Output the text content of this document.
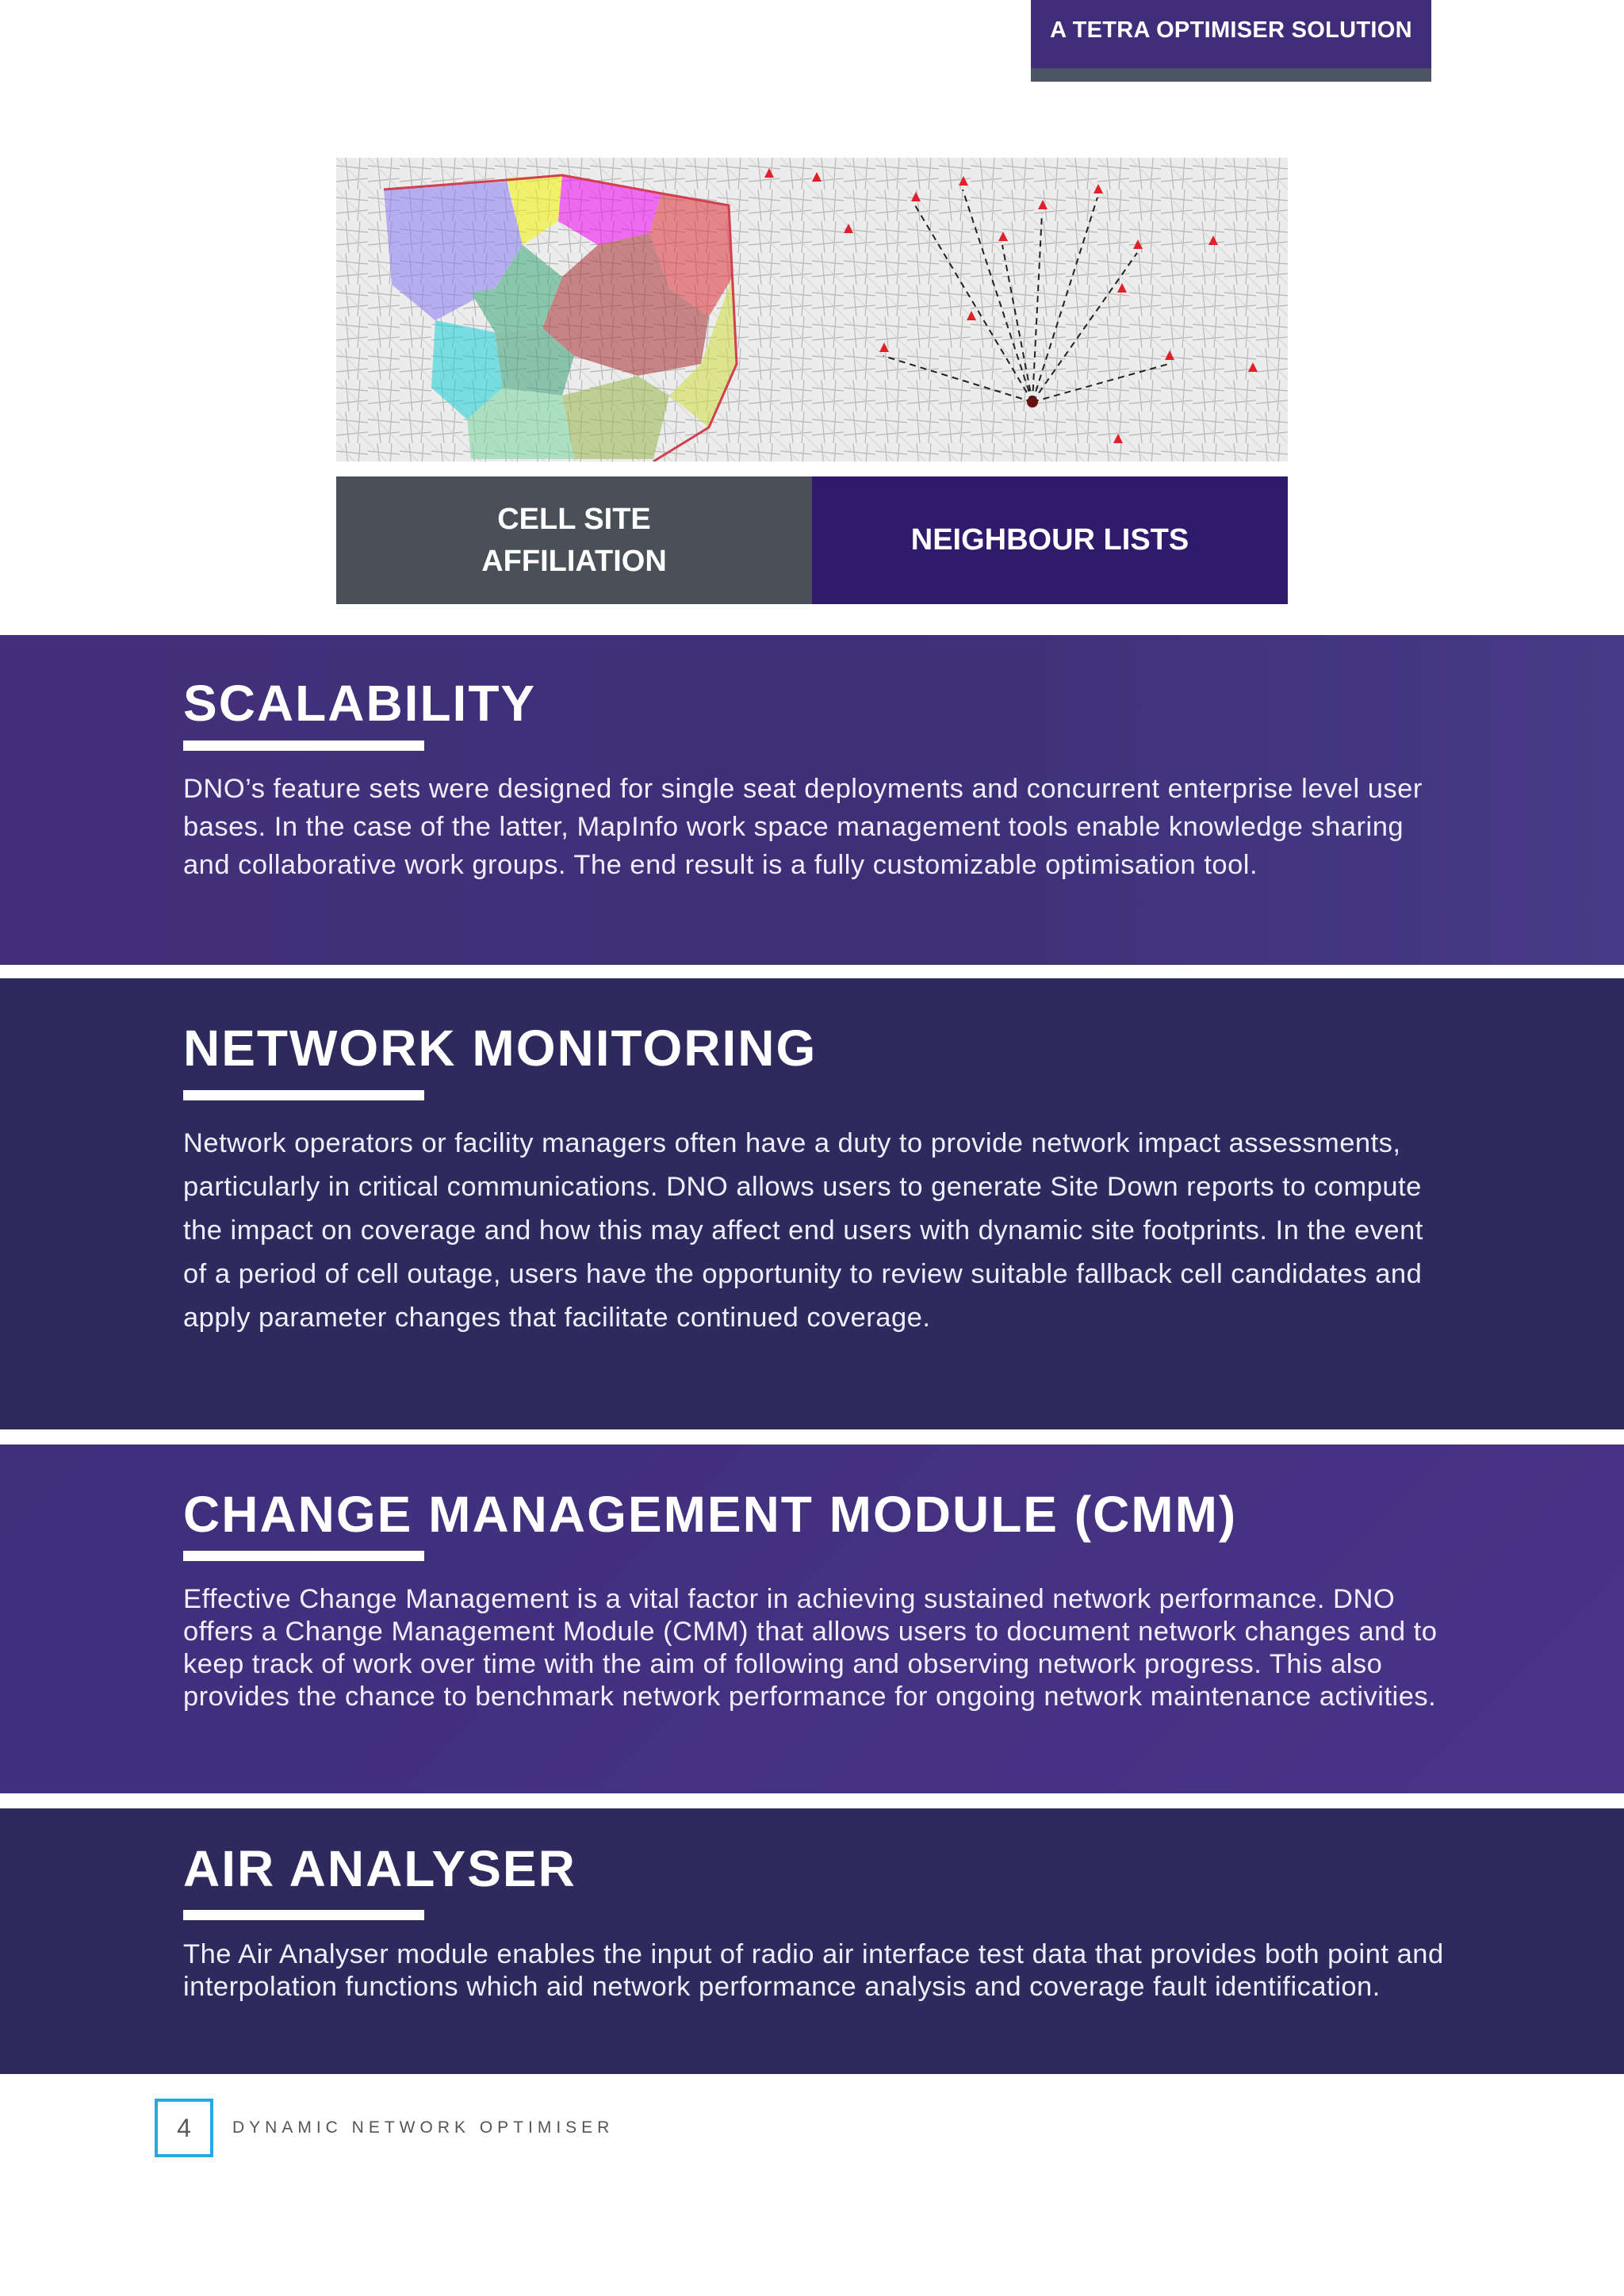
A TETRA OPTIMISER SOLUTION
CELL SITE
AFFILIATION
NEIGHBOUR LISTS
SCALABILITY

DNO’s feature sets were designed for single seat deployments and concurrent enterprise level user bases. In the case of the latter, MapInfo work space management tools enable knowledge sharing and collaborative work groups. The end result is a fully customizable optimisation tool.

NETWORK MONITORING

Network operators or facility managers often have a duty to provide network impact assessments, particularly in critical communications. DNO allows users to generate Site Down reports to compute the impact on coverage and how this may affect end users with dynamic site footprints. In the event of a period of cell outage, users have the opportunity to review suitable fallback cell candidates and apply parameter changes that facilitate continued coverage.

CHANGE MANAGEMENT MODULE (CMM)

Effective Change Management is a vital factor in achieving sustained network performance. DNO offers a Change Management Module (CMM) that allows users to document network changes and to keep track of work over time with the aim of following and observing network progress. This also provides the chance to benchmark network performance for ongoing network maintenance activities.

AIR ANALYSER

The Air Analyser module enables the input of radio air interface test data that provides both point and interpolation functions which aid network performance analysis and coverage fault identification.

4	DYNAMIC NETWORK OPTIMISER
